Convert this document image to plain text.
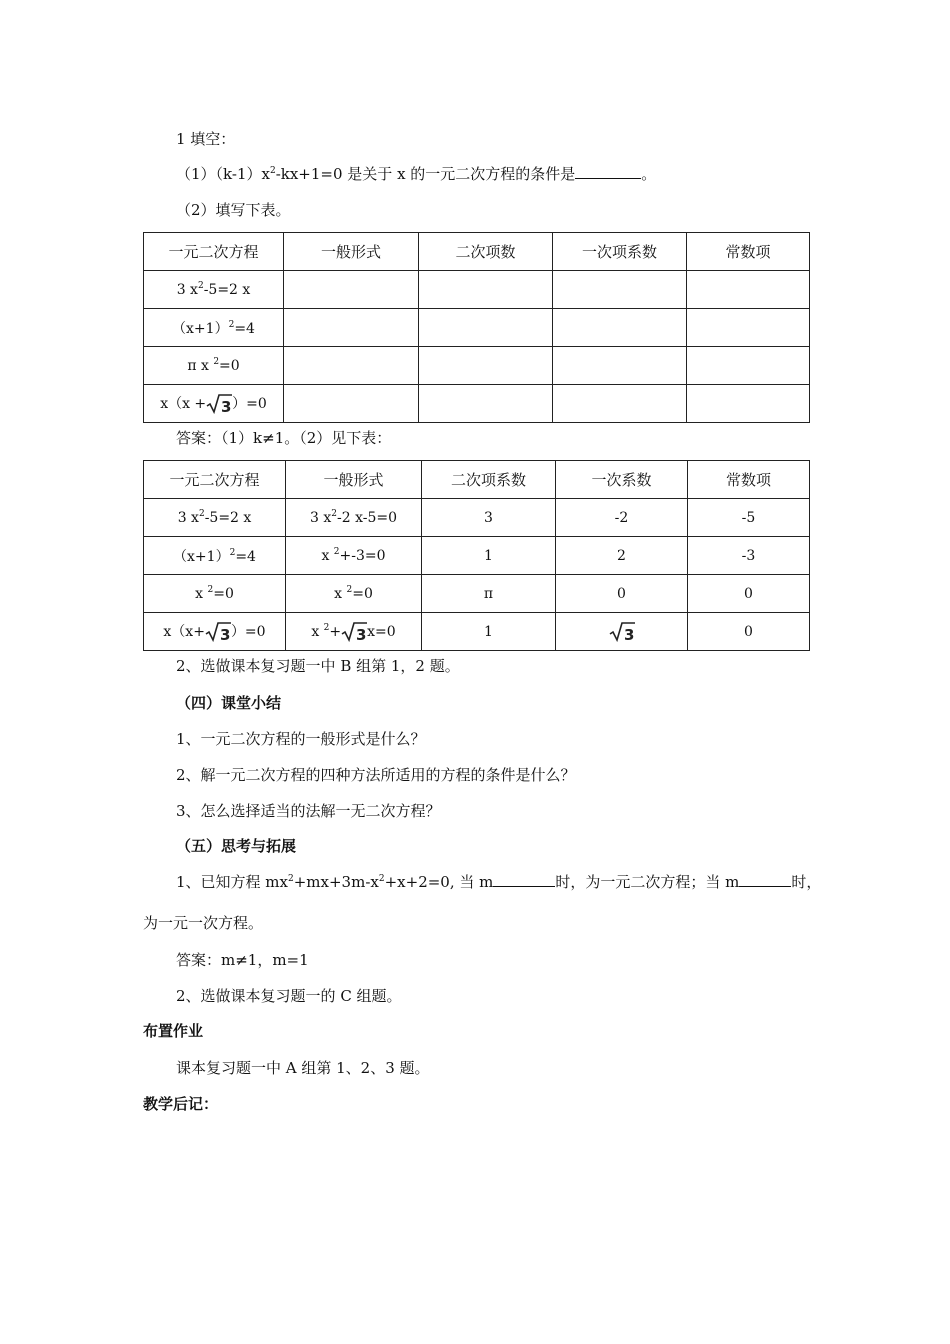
1 填空：
$(1)(k-1)x^2-kx+1=0$ 是关于 x 的一元二次方程的条件是	。
（2）填写下表。
一元二次方程	一般形式	二次项数	一次项系数	常数项
3 $x^2-5=2$ x				
$(x+1)^2=4$				
π x $^2$=0				
x（x + 3 ）=0				
答案：（1）k≠1。（2）见下表：
一元二次方程	一般形式	二次项系数	一次系数	常数项
3 $x^2-5=2$ x	3 $x^2-2$ x-5=0	3	-2	-5
$(x+1)^2=4$	x $^2$+-3=0	1	2	-3
x $^2$=0	x $^2$=0	π	0	0
x（x+ 3 ）=0	x $^2$+ 3 x=0	1	3	0
2、选做课本复习题一中 B 组第 1，2 题。
（四）课堂小结
1、一元二次方程的一般形式是什么？
2、解一元二次方程的四种方法所适用的方程的条件是什么？
3、怎么选择适当的法解一无二次方程？
（五）思考与拓展
1、已知方程 $mx^2+mx+3m-x^2+x+2=0$, 当 m	时，为一元二次方程；当 m	时，
为一元一次方程。
答案：m≠1，m=1
2、选做课本复习题一的 C 组题。
布置作业
课本复习题一中 A 组第 1、2、3 题。
教学后记：
